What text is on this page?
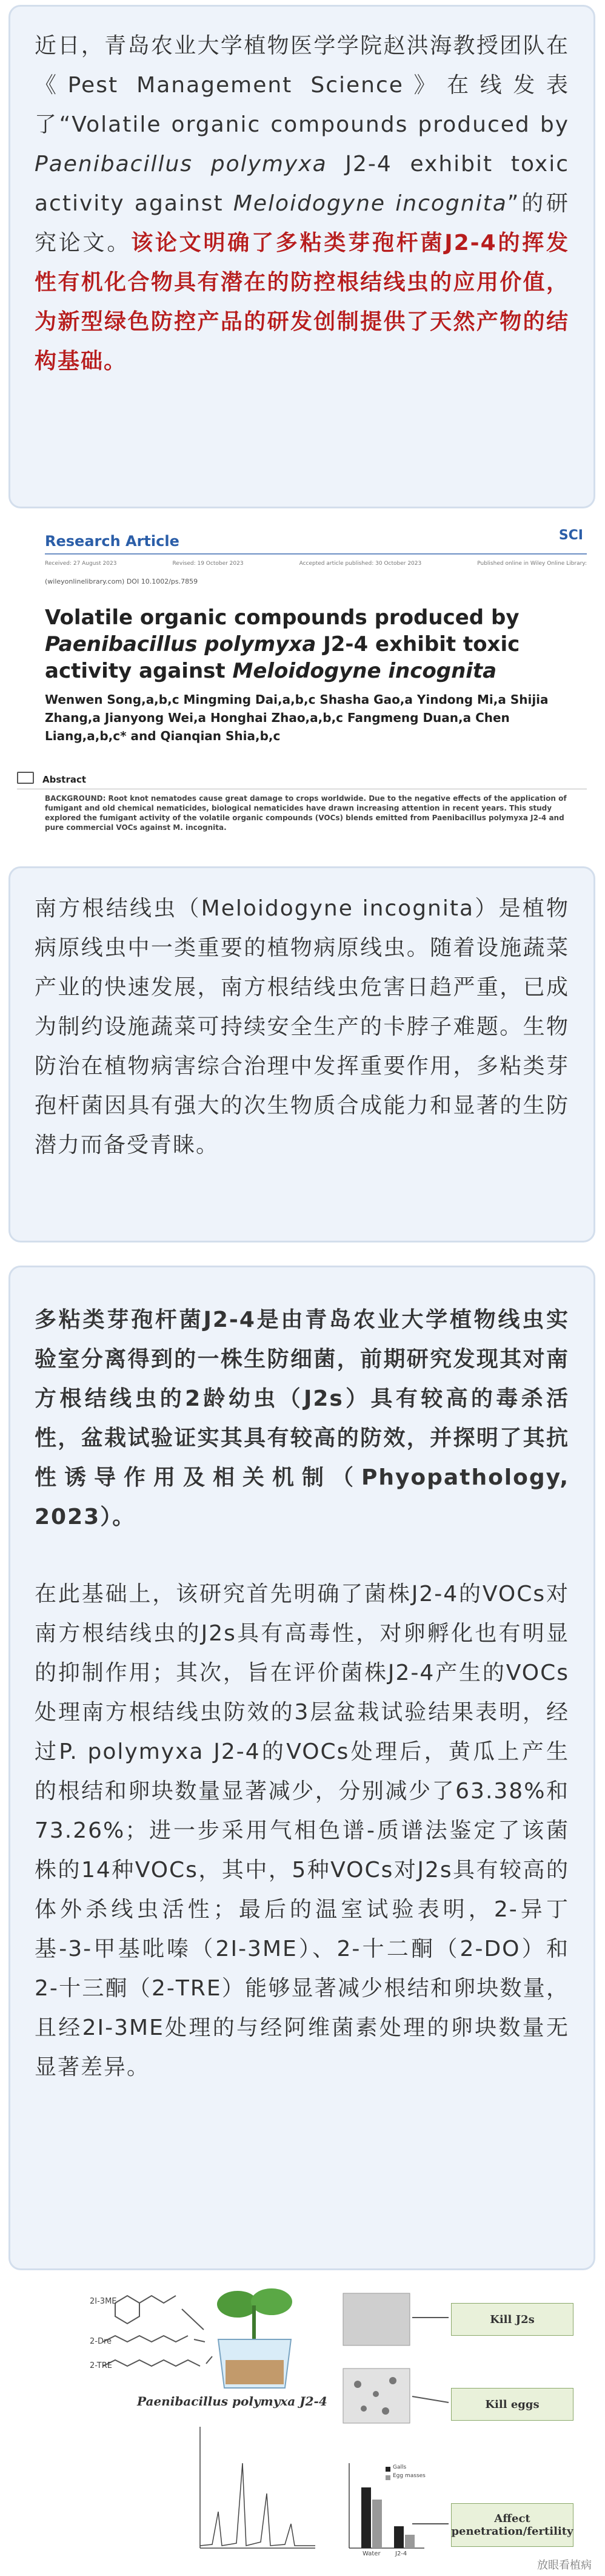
近日，青岛农业大学植物医学学院赵洪海教授团队在《Pest Management Science》在线发表了“Volatile organic compounds produced by Paenibacillus polymyxa J2-4 exhibit toxic activity against Meloidogyne incognita”的研究论文。该论文明确了多粘类芽孢杆菌J2-4的挥发性有机化合物具有潜在的防控根结线虫的应用价值，为新型绿色防控产品的研发创制提供了天然产物的结构基础。

Research Article	SCI
Received: 27 August 2023	Revised: 19 October 2023	Accepted article published: 30 October 2023	Published online in Wiley Online Library:
(wileyonlinelibrary.com) DOI 10.1002/ps.7859
Volatile organic compounds produced by Paenibacillus polymyxa J2-4 exhibit toxic activity against Meloidogyne incognita
Wenwen Song,a,b,c Mingming Dai,a,b,c Shasha Gao,a Yindong Mi,a Shijia Zhang,a Jianyong Wei,a Honghai Zhao,a,b,c Fangmeng Duan,a Chen Liang,a,b,c* and Qianqian Shia,b,c
Abstract
BACKGROUND: Root knot nematodes cause great damage to crops worldwide. Due to the negative effects of the application of fumigant and old chemical nematicides, biological nematicides have drawn increasing attention in recent years. This study explored the fumigant activity of the volatile organic compounds (VOCs) blends emitted from Paenibacillus polymyxa J2-4 and pure commercial VOCs against M. incognita.

南方根结线虫（Meloidogyne incognita）是植物病原线虫中一类重要的植物病原线虫。随着设施蔬菜产业的快速发展，南方根结线虫危害日趋严重，已成为制约设施蔬菜可持续安全生产的卡脖子难题。生物防治在植物病害综合治理中发挥重要作用，多粘类芽孢杆菌因具有强大的次生物质合成能力和显著的生防潜力而备受青睐。

多粘类芽孢杆菌J2-4是由青岛农业大学植物线虫实验室分离得到的一株生防细菌，前期研究发现其对南方根结线虫的2龄幼虫（J2s）具有较高的毒杀活性，盆栽试验证实其具有较高的防效，并探明了其抗性诱导作用及相关机制（Phyopathology, 2023）。

在此基础上，该研究首先明确了菌株J2-4的VOCs对南方根结线虫的J2s具有高毒性，对卵孵化也有明显的抑制作用；其次，旨在评价菌株J2-4产生的VOCs处理南方根结线虫防效的3层盆栽试验结果表明，经过P. polymyxa J2-4的VOCs处理后，黄瓜上产生的根结和卵块数量显著减少，分别减少了63.38%和73.26%；进一步采用气相色谱-质谱法鉴定了该菌株的14种VOCs，其中，5种VOCs对J2s具有较高的体外杀线虫活性；最后的温室试验表明，2-异丁基-3-甲基吡嗪（2I-3ME）、2-十二酮（2-DO）和2-十三酮（2-TRE）能够显著减少根结和卵块数量，且经2I-3ME处理的与经阿维菌素处理的卵块数量无显著差异。

2I-3ME
2-Dre
2-TRE
Paenibacillus polymyxa J2-4
Kill J2s
Kill eggs
Affect penetration/fertility
Galls
Egg masses
Water J2-4
放眼看植病
